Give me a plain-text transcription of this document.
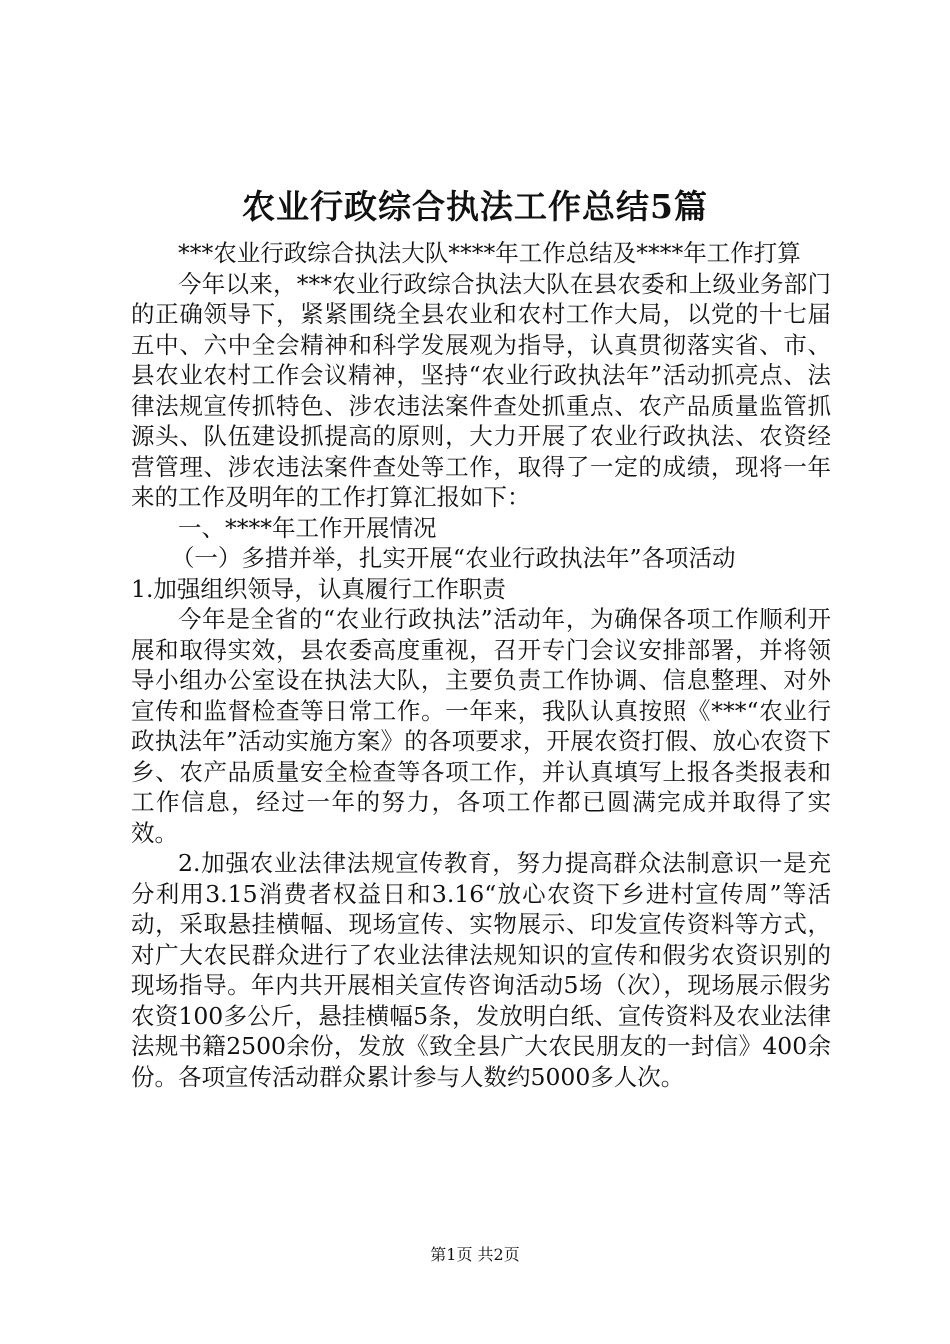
农业行政综合执法工作总结5篇

***农业行政综合执法大队****年工作总结及****年工作打算

今年以来，***农业行政综合执法大队在县农委和上级业务部门的正确领导下，紧紧围绕全县农业和农村工作大局，以党的十七届五中、六中全会精神和科学发展观为指导，认真贯彻落实省、市、县农业农村工作会议精神，坚持“农业行政执法年”活动抓亮点、法律法规宣传抓特色、涉农违法案件查处抓重点、农产品质量监管抓源头、队伍建设抓提高的原则，大力开展了农业行政执法、农资经营管理、涉农违法案件查处等工作，取得了一定的成绩，现将一年来的工作及明年的工作打算汇报如下：

一、****年工作开展情况

（一）多措并举，扎实开展“农业行政执法年”各项活动

1.加强组织领导，认真履行工作职责

今年是全省的“农业行政执法”活动年，为确保各项工作顺利开展和取得实效，县农委高度重视，召开专门会议安排部署，并将领导小组办公室设在执法大队，主要负责工作协调、信息整理、对外宣传和监督检查等日常工作。一年来，我队认真按照《***“农业行政执法年”活动实施方案》的各项要求，开展农资打假、放心农资下乡、农产品质量安全检查等各项工作，并认真填写上报各类报表和工作信息，经过一年的努力，各项工作都已圆满完成并取得了实效。

2.加强农业法律法规宣传教育，努力提高群众法制意识一是充分利用3.15消费者权益日和3.16“放心农资下乡进村宣传周”等活动，采取悬挂横幅、现场宣传、实物展示、印发宣传资料等方式，对广大农民群众进行了农业法律法规知识的宣传和假劣农资识别的现场指导。年内共开展相关宣传咨询活动5场（次），现场展示假劣农资100多公斤，悬挂横幅5条，发放明白纸、宣传资料及农业法律法规书籍2500余份，发放《致全县广大农民朋友的一封信》400余份。各项宣传活动群众累计参与人数约5000多人次。

第1页 共2页
